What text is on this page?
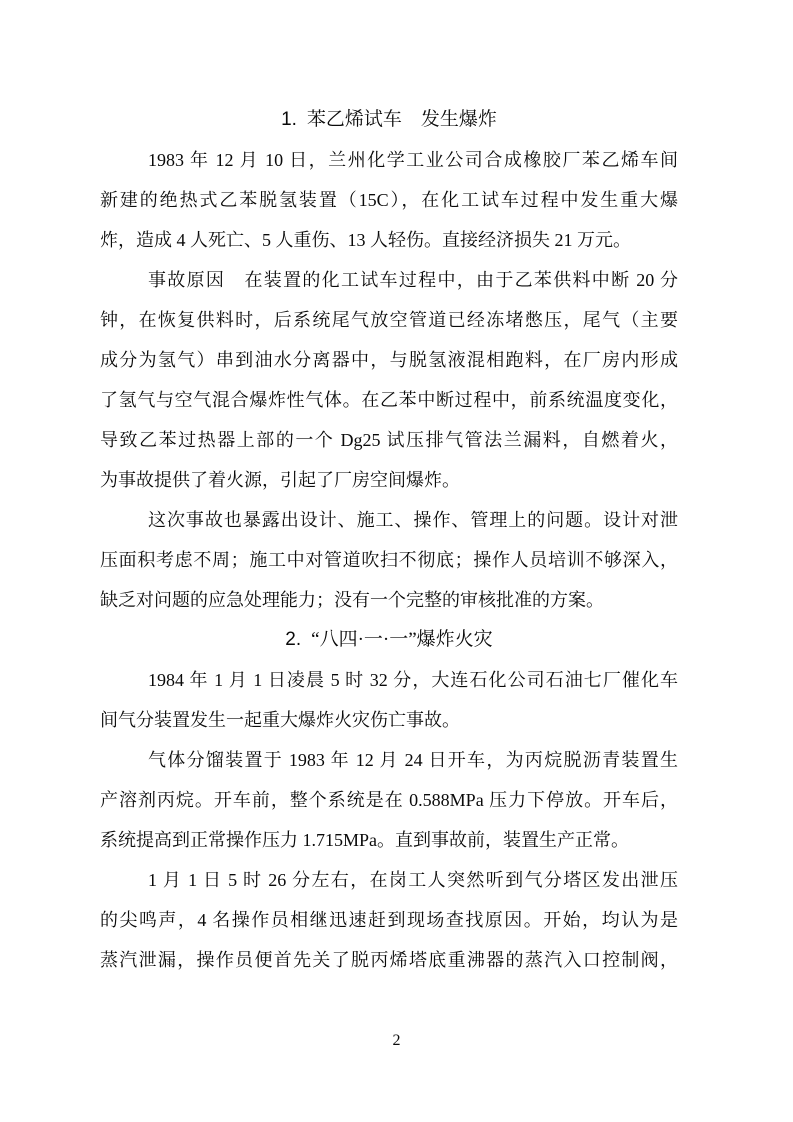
1. 苯乙烯试车　发生爆炸
1983 年 12 月 10 日，兰州化学工业公司合成橡胶厂苯乙烯车间
新建的绝热式乙苯脱氢装置（15C），在化工试车过程中发生重大爆
炸，造成 4 人死亡、5 人重伤、13 人轻伤。直接经济损失 21 万元。
事故原因　在装置的化工试车过程中，由于乙苯供料中断 20 分
钟，在恢复供料时，后系统尾气放空管道已经冻堵憋压，尾气（主要
成分为氢气）串到油水分离器中，与脱氢液混相跑料，在厂房内形成
了氢气与空气混合爆炸性气体。在乙苯中断过程中，前系统温度变化，
导致乙苯过热器上部的一个 Dg25 试压排气管法兰漏料，自燃着火，
为事故提供了着火源，引起了厂房空间爆炸。
这次事故也暴露出设计、施工、操作、管理上的问题。设计对泄
压面积考虑不周；施工中对管道吹扫不彻底；操作人员培训不够深入，
缺乏对问题的应急处理能力；没有一个完整的审核批准的方案。
2. “八四·一·一”爆炸火灾
1984 年 1 月 1 日凌晨 5 时 32 分，大连石化公司石油七厂催化车
间气分装置发生一起重大爆炸火灾伤亡事故。
气体分馏装置于 1983 年 12 月 24 日开车，为丙烷脱沥青装置生
产溶剂丙烷。开车前，整个系统是在 0.588MPa 压力下停放。开车后，
系统提高到正常操作压力 1.715MPa。直到事故前，装置生产正常。
1 月 1 日 5 时 26 分左右，在岗工人突然听到气分塔区发出泄压
的尖鸣声，4 名操作员相继迅速赶到现场查找原因。开始，均认为是
蒸汽泄漏，操作员便首先关了脱丙烯塔底重沸器的蒸汽入口控制阀，
2
